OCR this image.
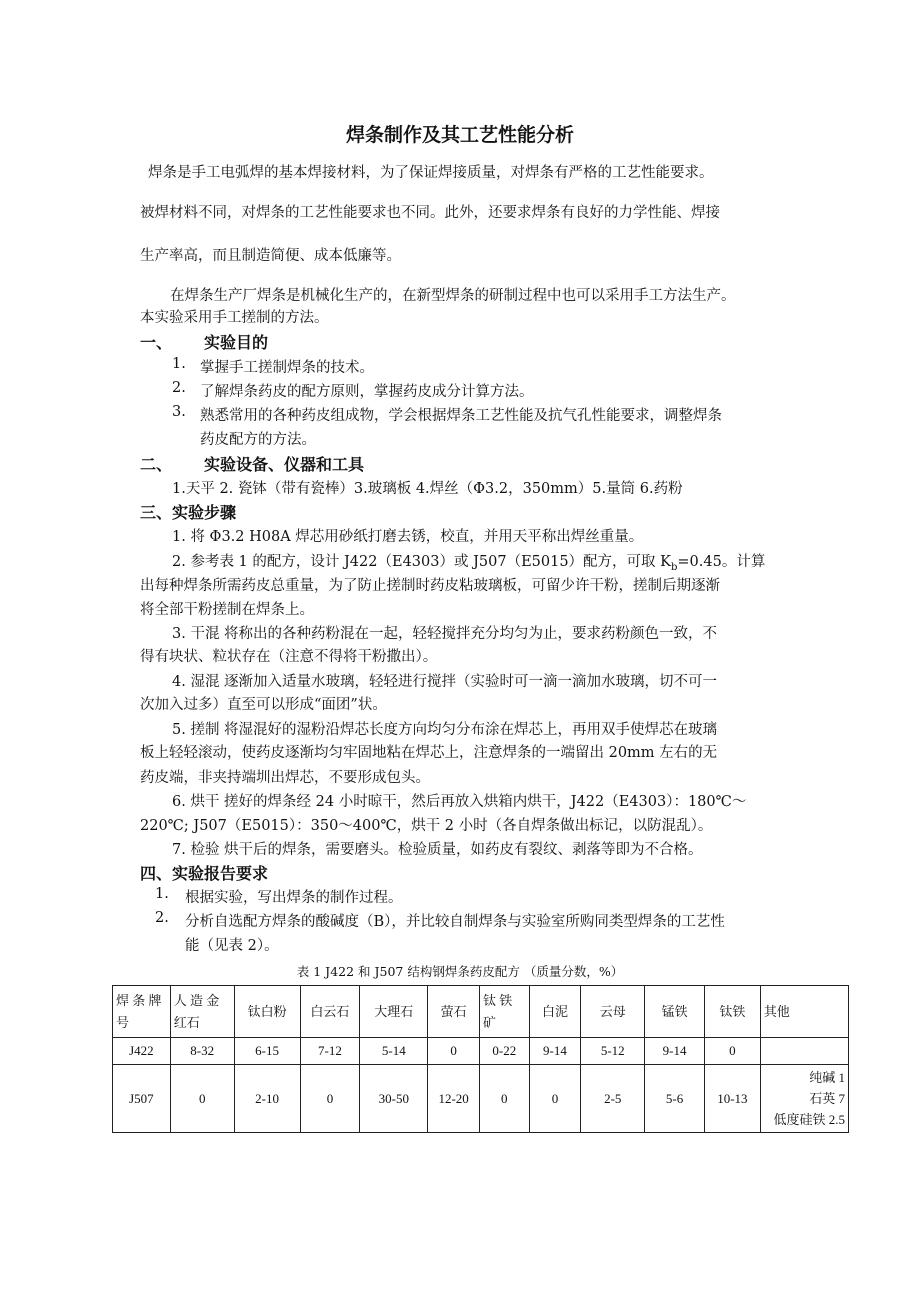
焊条制作及其工艺性能分析
焊条是手工电弧焊的基本焊接材料，为了保证焊接质量，对焊条有严格的工艺性能要求。
被焊材料不同，对焊条的工艺性能要求也不同。此外，还要求焊条有良好的力学性能、焊接
生产率高，而且制造简便、成本低廉等。
在焊条生产厂焊条是机械化生产的，在新型焊条的研制过程中也可以采用手工方法生产。
本实验采用手工搓制的方法。
一、 实验目的
1. 掌握手工搓制焊条的技术。
2. 了解焊条药皮的配方原则，掌握药皮成分计算方法。
3. 熟悉常用的各种药皮组成物，学会根据焊条工艺性能及抗气孔性能要求，调整焊条
药皮配方的方法。
二、 实验设备、仪器和工具
1.天平 2. 瓷钵（带有瓷棒）3.玻璃板 4.焊丝（Φ3.2，350mm）5.量筒 6.药粉
三、实验步骤
1. 将 Φ3.2 H08A 焊芯用砂纸打磨去锈，校直，并用天平称出焊丝重量。
2. 参考表 1 的配方，设计 J422（E4303）或 J507（E5015）配方，可取 $K_b=0.45$。计算
出每种焊条所需药皮总重量，为了防止搓制时药皮粘玻璃板，可留少许干粉，搓制后期逐渐
将全部干粉搓制在焊条上。
3. 干混 将称出的各种药粉混在一起，轻轻搅拌充分均匀为止，要求药粉颜色一致，不
得有块状、粒状存在（注意不得将干粉撒出）。
4. 湿混 逐渐加入适量水玻璃，轻轻进行搅拌（实验时可一滴一滴加水玻璃，切不可一
次加入过多）直至可以形成“面团”状。
5. 搓制 将湿混好的湿粉沿焊芯长度方向均匀分布涂在焊芯上，再用双手使焊芯在玻璃
板上轻轻滚动，使药皮逐渐均匀牢固地粘在焊芯上，注意焊条的一端留出 20mm 左右的无
药皮端，非夹持端圳出焊芯，不要形成包头。
6. 烘干 搓好的焊条经 24 小时晾干，然后再放入烘箱内烘干，J422（E4303）：180℃～
220℃; J507（E5015）：350～400℃，烘干 2 小时（各自焊条做出标记，以防混乱）。
7. 检验 烘干后的焊条，需要磨头。检验质量，如药皮有裂纹、剥落等即为不合格。
四、实验报告要求
1. 根据实验，写出焊条的制作过程。
2. 分析自选配方焊条的酸碱度（B），并比较自制焊条与实验室所购同类型焊条的工艺性
能（见表 2）。
表 1 J422 和 J507 结构钢焊条药皮配方 （质量分数，%）
焊 条 牌号	人 造 金 红石	钛白粉	白云石	大理石	萤石	钛 铁 矿	白泥	云母	锰铁	钛铁	其他
J422	8-32	6-15	7-12	5-14	0	0-22	9-14	5-12	9-14	0	
J507	0	2-10	0	30-50	12-20	0	0	2-5	5-6	10-13	纯碱 1
石英 7
低度硅铁 2.5
